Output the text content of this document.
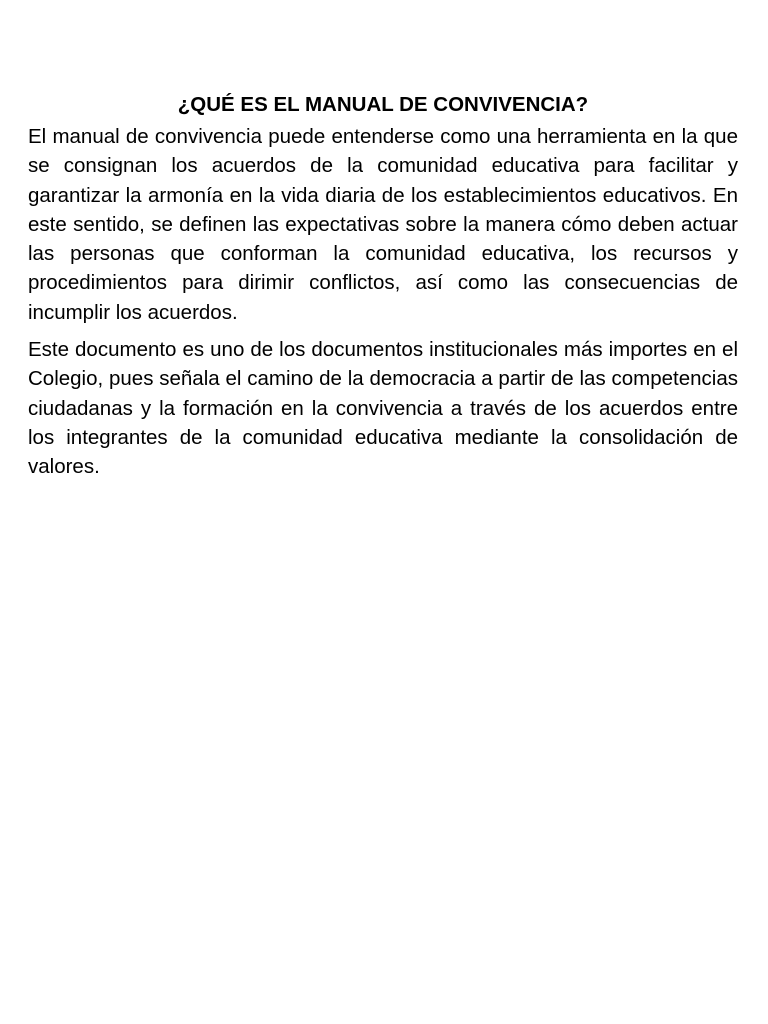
¿QUÉ ES EL MANUAL DE CONVIVENCIA?

El manual de convivencia puede entenderse como una herramienta en la que se consignan los acuerdos de la comunidad educativa para facilitar y garantizar la armonía en la vida diaria de los establecimientos educativos. En este sentido, se definen las expectativas sobre la manera cómo deben actuar las personas que conforman la comunidad educativa, los recursos y procedimientos para dirimir conflictos, así como las consecuencias de incumplir los acuerdos.

Este documento es uno de los documentos institucionales más importes en el Colegio, pues señala el camino de la democracia a partir de las competencias ciudadanas y la formación en la convivencia a través de los acuerdos entre los integrantes de la comunidad educativa mediante la consolidación de valores.
